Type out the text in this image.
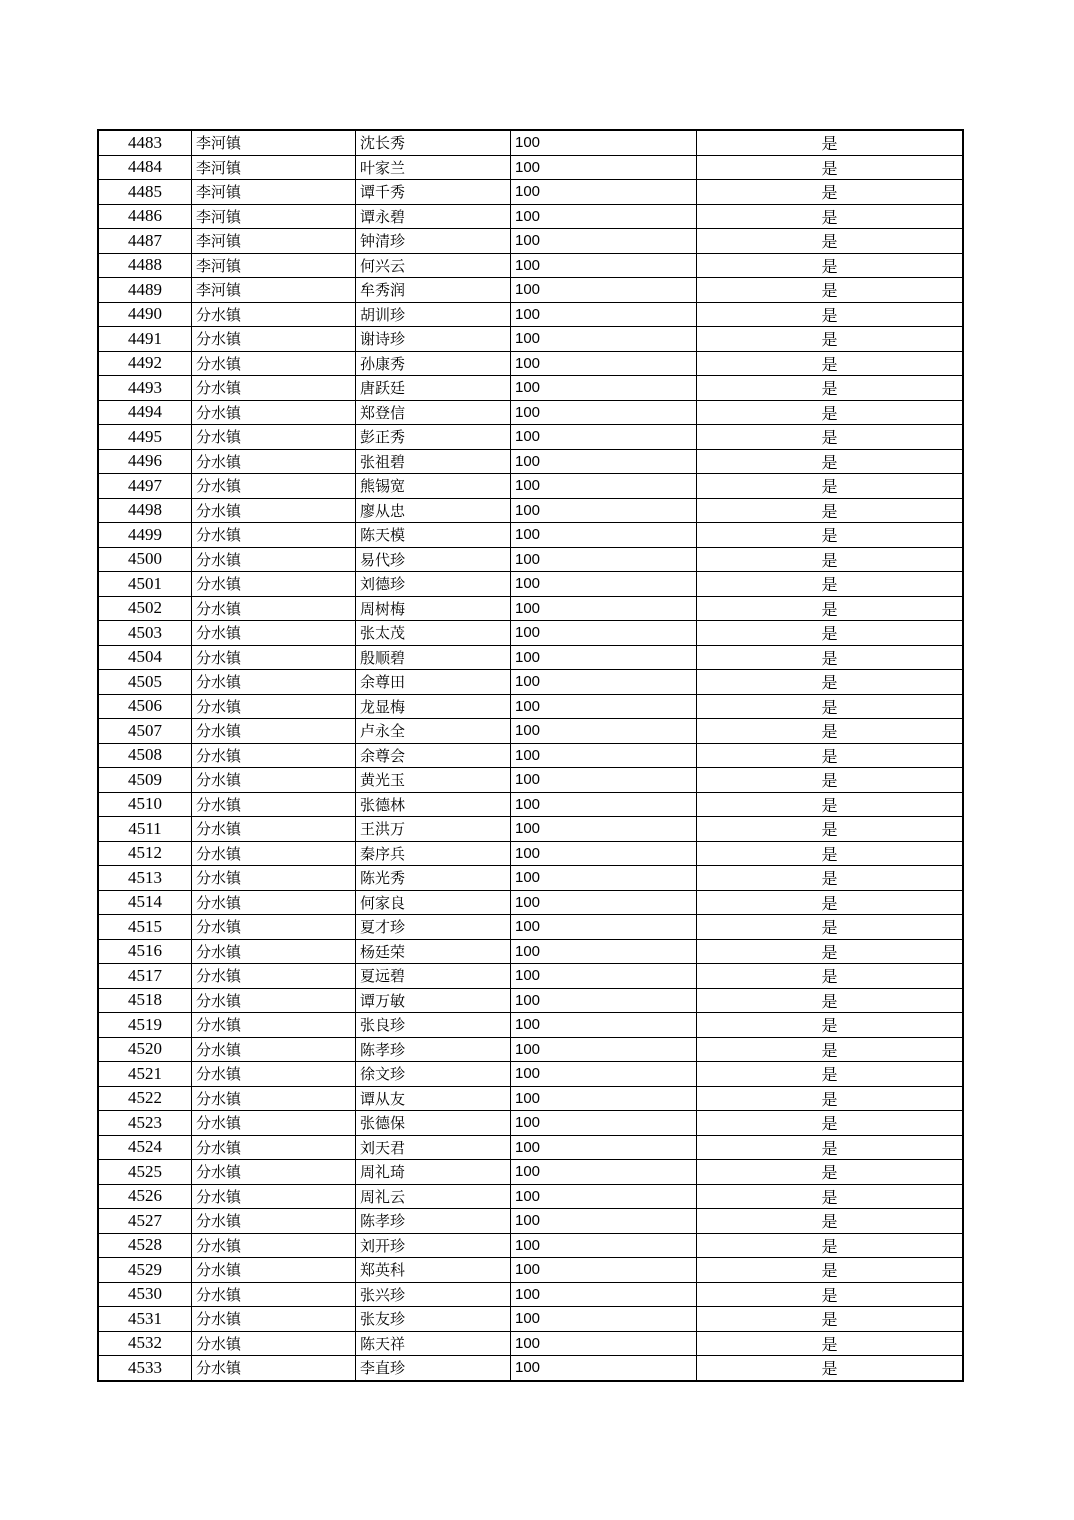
4483	李河镇	沈长秀	100	是
4484	李河镇	叶家兰	100	是
4485	李河镇	谭千秀	100	是
4486	李河镇	谭永碧	100	是
4487	李河镇	钟清珍	100	是
4488	李河镇	何兴云	100	是
4489	李河镇	牟秀润	100	是
4490	分水镇	胡训珍	100	是
4491	分水镇	谢诗珍	100	是
4492	分水镇	孙康秀	100	是
4493	分水镇	唐跃廷	100	是
4494	分水镇	郑登信	100	是
4495	分水镇	彭正秀	100	是
4496	分水镇	张祖碧	100	是
4497	分水镇	熊锡宽	100	是
4498	分水镇	廖从忠	100	是
4499	分水镇	陈天模	100	是
4500	分水镇	易代珍	100	是
4501	分水镇	刘德珍	100	是
4502	分水镇	周树梅	100	是
4503	分水镇	张太茂	100	是
4504	分水镇	殷顺碧	100	是
4505	分水镇	余尊田	100	是
4506	分水镇	龙显梅	100	是
4507	分水镇	卢永全	100	是
4508	分水镇	余尊会	100	是
4509	分水镇	黄光玉	100	是
4510	分水镇	张德林	100	是
4511	分水镇	王洪万	100	是
4512	分水镇	秦序兵	100	是
4513	分水镇	陈光秀	100	是
4514	分水镇	何家良	100	是
4515	分水镇	夏才珍	100	是
4516	分水镇	杨廷荣	100	是
4517	分水镇	夏远碧	100	是
4518	分水镇	谭万敏	100	是
4519	分水镇	张良珍	100	是
4520	分水镇	陈孝珍	100	是
4521	分水镇	徐文珍	100	是
4522	分水镇	谭从友	100	是
4523	分水镇	张德保	100	是
4524	分水镇	刘天君	100	是
4525	分水镇	周礼琦	100	是
4526	分水镇	周礼云	100	是
4527	分水镇	陈孝珍	100	是
4528	分水镇	刘开珍	100	是
4529	分水镇	郑英科	100	是
4530	分水镇	张兴珍	100	是
4531	分水镇	张友珍	100	是
4532	分水镇	陈天祥	100	是
4533	分水镇	李直珍	100	是
